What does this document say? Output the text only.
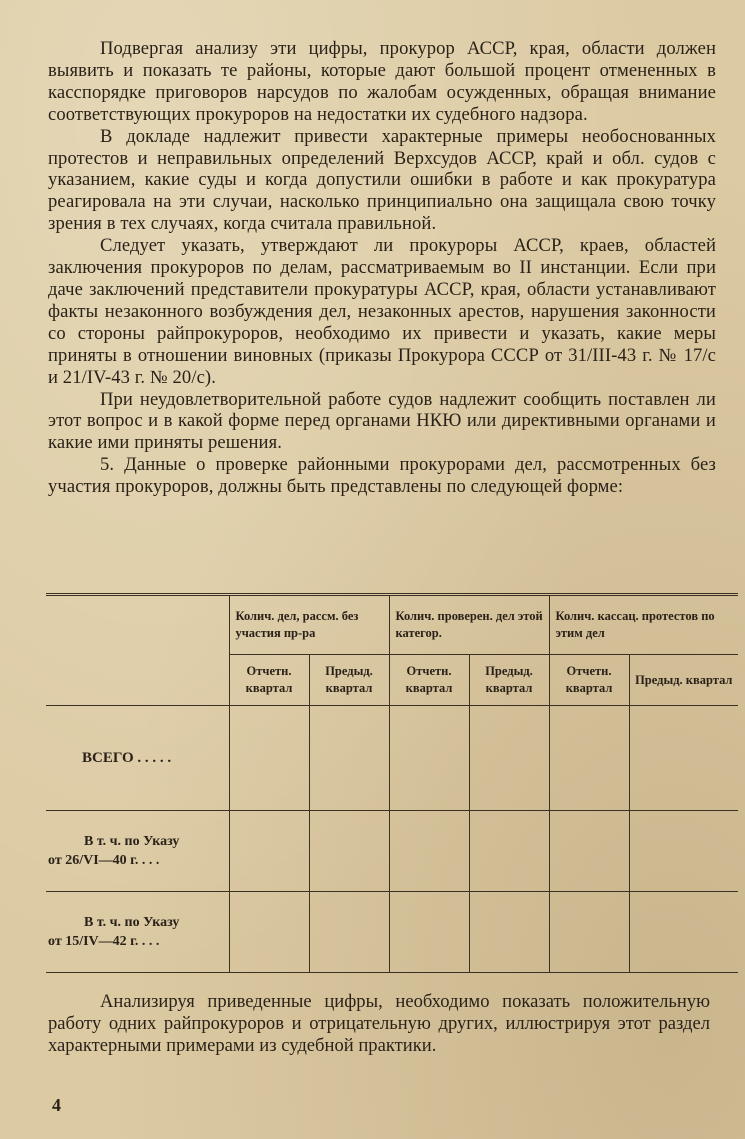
Подвергая анализу эти цифры, прокурор АССР, края, области должен выявить и показать те районы, которые дают большой процент отмененных в касспорядке приговоров нарсудов по жалобам осужденных, обращая внимание соответствующих прокуроров на недостатки их судебного надзора.

В докладе надлежит привести характерные примеры необоснованных протестов и неправильных определений Верхсудов АССР, край и обл. судов с указанием, какие суды и когда допустили ошибки в работе и как прокуратура реагировала на эти случаи, насколько принципиально она защищала свою точку зрения в тех случаях, когда считала правильной.

Следует указать, утверждают ли прокуроры АССР, краев, областей заключения прокуроров по делам, рассматриваемым во II инстанции. Если при даче заключений представители прокуратуры АССР, края, области устанавливают факты незаконного возбуждения дел, незаконных арестов, нарушения законности со стороны райпрокуроров, необходимо их привести и указать, какие меры приняты в отношении виновных (приказы Прокурора СССР от 31/III-43 г. № 17/с и 21/IV-43 г. № 20/с).

При неудовлетворительной работе судов надлежит сообщить поставлен ли этот вопрос и в какой форме перед органами НКЮ или директивными органами и какие ими приняты решения.

5. Данные о проверке районными прокурорами дел, рассмотренных без участия прокуроров, должны быть представлены по следующей форме:

	Колич. дел, рассм. без участия пр-ра		Колич. проверен. дел этой категор.		Колич. кассац. протестов по этим дел	
	Отчетн. квартал	Предыд. квартал	Отчетн. квартал	Предыд. квартал	Отчетн. квартал	Предыд. квартал
ВСЕГО . . . . .						

В т. ч. по Указу
от 26/VI—40 г. . . .						

В т. ч. по Указу
от 15/IV—42 г. . . .						

Анализируя приведенные цифры, необходимо показать положительную работу одних райпрокуроров и отрицательную других, иллюстрируя этот раздел характерными примерами из судебной практики.

4
